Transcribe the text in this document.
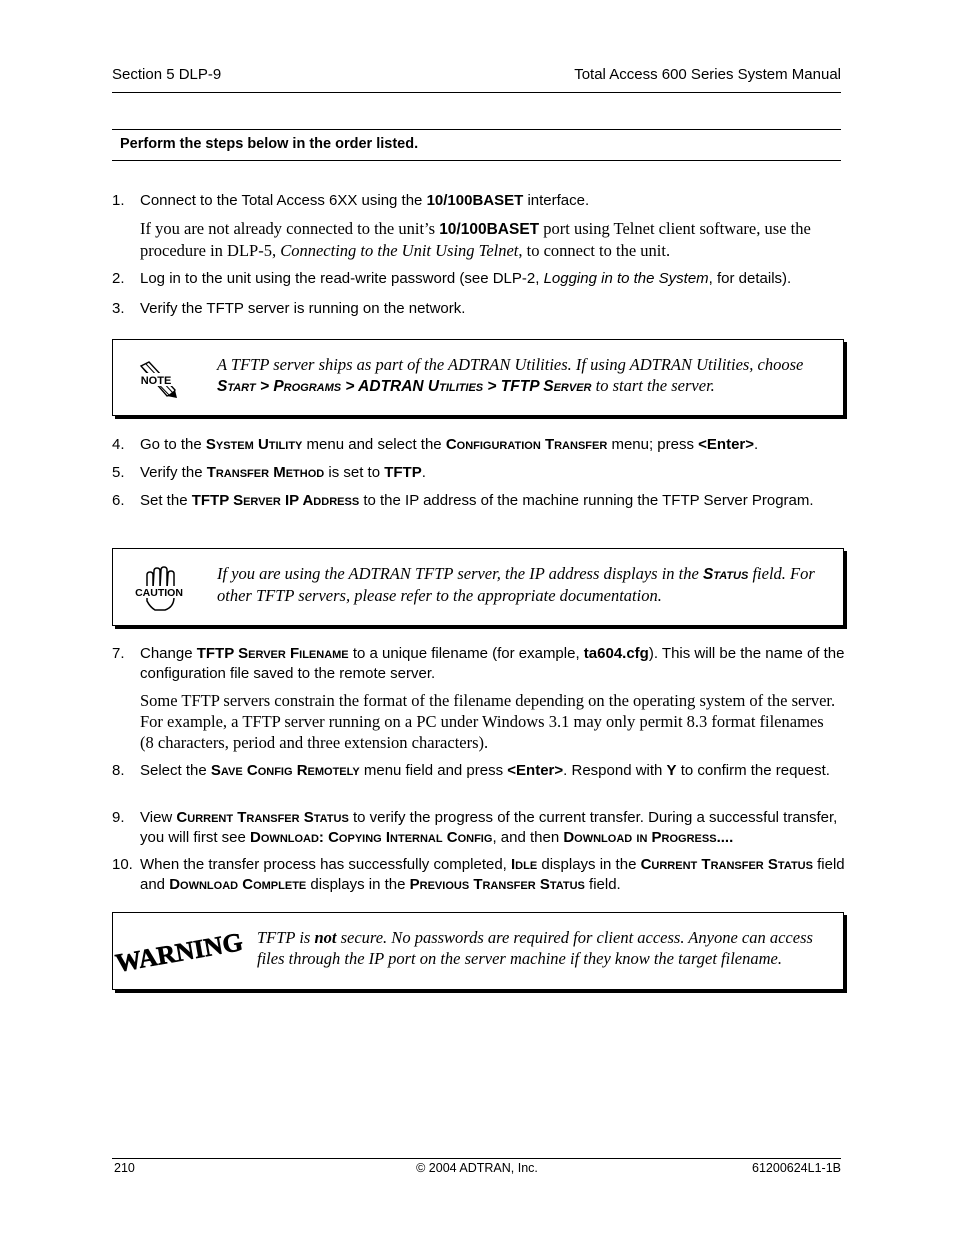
Section 5 DLP-9	Total Access 600 Series System Manual
Perform the steps below in the order listed.
1. Connect to the Total Access 6XX using the 10/100BASET interface.
If you are not already connected to the unit’s 10/100BASET port using Telnet client software, use the procedure in DLP-5, Connecting to the Unit Using Telnet, to connect to the unit.
2. Log in to the unit using the read-write password (see DLP-2, Logging in to the System, for details).
3. Verify the TFTP server is running on the network.
NOTE
A TFTP server ships as part of the ADTRAN Utilities. If using ADTRAN Utilities, choose Start > Programs > ADTRAN Utilities > TFTP Server to start the server.
4. Go to the System Utility menu and select the Configuration Transfer menu; press <Enter>.
5. Verify the Transfer Method is set to TFTP.
6. Set the TFTP Server IP Address to the IP address of the machine running the TFTP Server Program.
CAUTION
If you are using the ADTRAN TFTP server, the IP address displays in the Status field. For other TFTP servers, please refer to the appropriate documentation.
7. Change TFTP Server Filename to a unique filename (for example, ta604.cfg). This will be the name of the configuration file saved to the remote server.
Some TFTP servers constrain the format of the filename depending on the operating system of the server. For example, a TFTP server running on a PC under Windows 3.1 may only permit 8.3 format filenames (8 characters, period and three extension characters).
8. Select the Save Config Remotely menu field and press <Enter>. Respond with Y to confirm the request.
9. View Current Transfer Status to verify the progress of the current transfer. During a successful transfer, you will first see Download: Copying Internal Config, and then Download in Progress....
10. When the transfer process has successfully completed, Idle displays in the Current Transfer Status field and Download Complete displays in the Previous Transfer Status field.
WARNING TFTP is not secure. No passwords are required for client access. Anyone can access files through the IP port on the server machine if they know the target filename.
210	© 2004 ADTRAN, Inc.	61200624L1-1B
